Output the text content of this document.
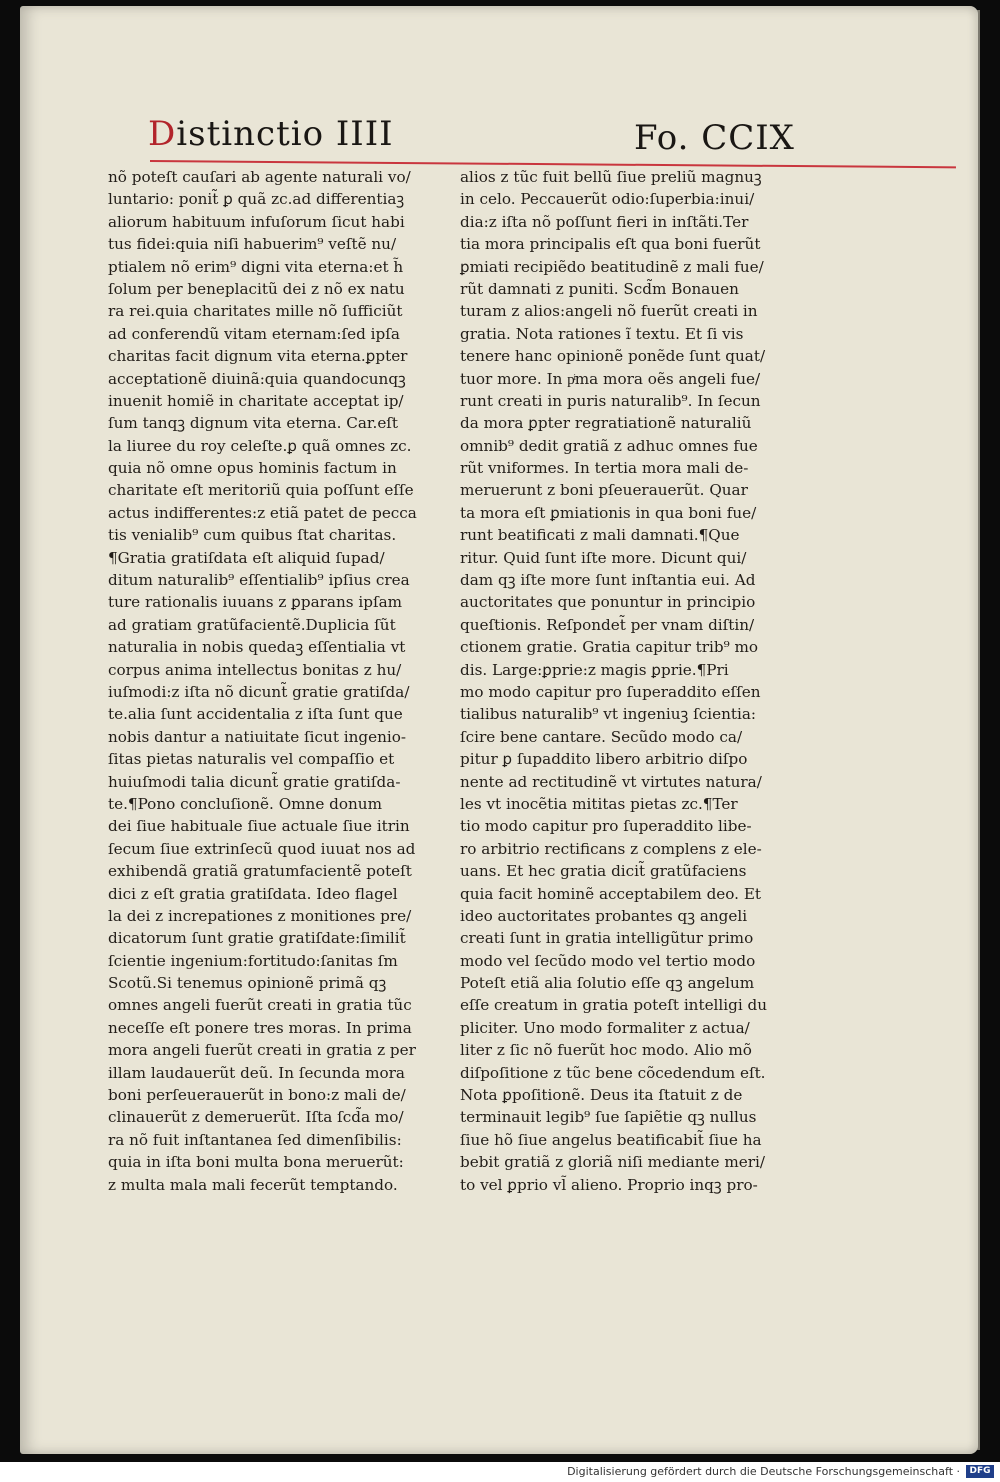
Distinctio IIII	Fo. CCIX
nõ poteſt cauſari ab agente naturali vo/
luntario: ponit̃ ꝑ quã zc.ad differentiaꝫ
aliorum habituum infuſorum ſicut habi
tus fidei:quia niſi habuerim⁹ veſtẽ nu/
ptialem nõ erim⁹ digni vita eterna:et h̃
ſolum per beneplacitũ dei z nõ ex natu
ra rei.quia charitates mille nõ ſufficiũt
ad conferendũ vitam eternam:ſed ipſa
charitas facit dignum vita eterna.ꝑpter
acceptationẽ diuinã:quia quandocunqꝫ
inuenit homiẽ in charitate acceptat ip/
ſum tanqꝫ dignum vita eterna. Car.eſt
la liuree du roy celeſte.ꝑ quã omnes zc.
quia nõ omne opus hominis factum in
charitate eſt meritoriũ quia poſſunt eſſe
actus indifferentes:z etiã patet de pecca
tis venialib⁹ cum quibus ſtat charitas.
¶Gratia gratiſdata eſt aliquid ſupad/
ditum naturalib⁹ eſſentialib⁹ ipſius crea
ture rationalis iuuans z ꝑparans ipſam
ad gratiam gratũfacientẽ.Duplicia ſũt
naturalia in nobis quedaꝫ eſſentialia vt
corpus anima intellectus bonitas z hu/
iuſmodi:z iſta nõ dicunt̃ gratie gratiſda/
te.alia ſunt accidentalia z iſta ſunt que
nobis dantur a natiuitate ſicut ingenio-
ſitas pietas naturalis vel compaſſio et
huiuſmodi talia dicunt̃ gratie gratiſda-
te.¶Pono concluſionẽ. Omne donum
dei ſiue habituale ſiue actuale ſiue itrin
ſecum ſiue extrinſecũ quod iuuat nos ad
exhibendã gratiã gratumfacientẽ poteſt
dici z eſt gratia gratiſdata. Ideo flagel
la dei z increpationes z monitiones pre/
dicatorum ſunt gratie gratiſdate:ſimilit̃
ſcientie ingenium:fortitudo:ſanitas ſm
Scotũ.Si tenemus opinionẽ primã qꝫ
omnes angeli fuerũt creati in gratia tũc
neceſſe eſt ponere tres moras. In prima
mora angeli fuerũt creati in gratia z per
illam laudauerũt deũ. In ſecunda mora
boni perſeuerauerũt in bono:z mali de/
clinauerũt z demeruerũt. Iſta ſcd̃a mo/
ra nõ fuit inſtantanea ſed dimenſibilis:
quia in iſta boni multa bona meruerũt:
z multa mala mali fecerũt temptando.
alios z tũc fuit bellũ ſiue preliũ magnuꝫ
in celo. Peccauerũt odio:ſuperbia:inui/
dia:z iſta nõ poſſunt fieri in inſtãti.Ter
tia mora principalis eſt qua boni fuerũt
ꝑmiati recipiẽdo beatitudinẽ z mali fue/
rũt damnati z puniti. Scd̃m Bonauen
turam z alios:angeli nõ fuerũt creati in
gratia. Nota rationes ĩ textu. Et ſi vis
tenere hanc opinionẽ ponẽde ſunt quat/
tuor more. In pͥma mora oẽs angeli fue/
runt creati in puris naturalib⁹. In ſecun
da mora ꝑpter regratiationẽ naturaliũ
omnib⁹ dedit gratiã z adhuc omnes fue
rũt vniformes. In tertia mora mali de-
meruerunt z boni pſeuerauerũt. Quar
ta mora eſt ꝑmiationis in qua boni fue/
runt beatificati z mali damnati.¶Que
ritur. Quid ſunt iſte more. Dicunt qui/
dam qꝫ iſte more ſunt inſtantia eui. Ad
auctoritates que ponuntur in principio
queſtionis. Reſpondet̃ per vnam diſtin/
ctionem gratie. Gratia capitur trib⁹ mo
dis. Large:ꝑprie:z magis ꝑprie.¶Pri
mo modo capitur pro ſuperaddito eſſen
tialibus naturalib⁹ vt ingeniuꝫ ſcientia:
ſcire bene cantare. Secũdo modo ca/
pitur ꝑ ſupaddito libero arbitrio diſpo
nente ad rectitudinẽ vt virtutes natura/
les vt inocẽtia mititas pietas zc.¶Ter
tio modo capitur pro ſuperaddito libe-
ro arbitrio rectificans z complens z ele-
uans. Et hec gratia dicit̃ gratũfaciens
quia facit hominẽ acceptabilem deo. Et
ideo auctoritates probantes qꝫ angeli
creati ſunt in gratia intelligũtur primo
modo vel ſecũdo modo vel tertio modo
Poteſt etiã alia ſolutio eſſe qꝫ angelum
eſſe creatum in gratia poteſt intelligi du
pliciter. Uno modo formaliter z actua/
liter z ſic nõ fuerũt hoc modo. Alio mõ
diſpoſitione z tũc bene cõcedendum eſt.
Nota ꝑpoſitionẽ. Deus ita ſtatuit z de
terminauit legib⁹ ſue ſapiẽtie qꝫ nullus
ſiue hõ ſiue angelus beatificabit̃ ſiue ha
bebit gratiã z gloriã niſi mediante meri/
to vel ꝑprio vl̃ alieno. Proprio inqꝫ pro-
Digitalisierung gefördert durch die Deutsche Forschungsgemeinschaft ·	DFG
